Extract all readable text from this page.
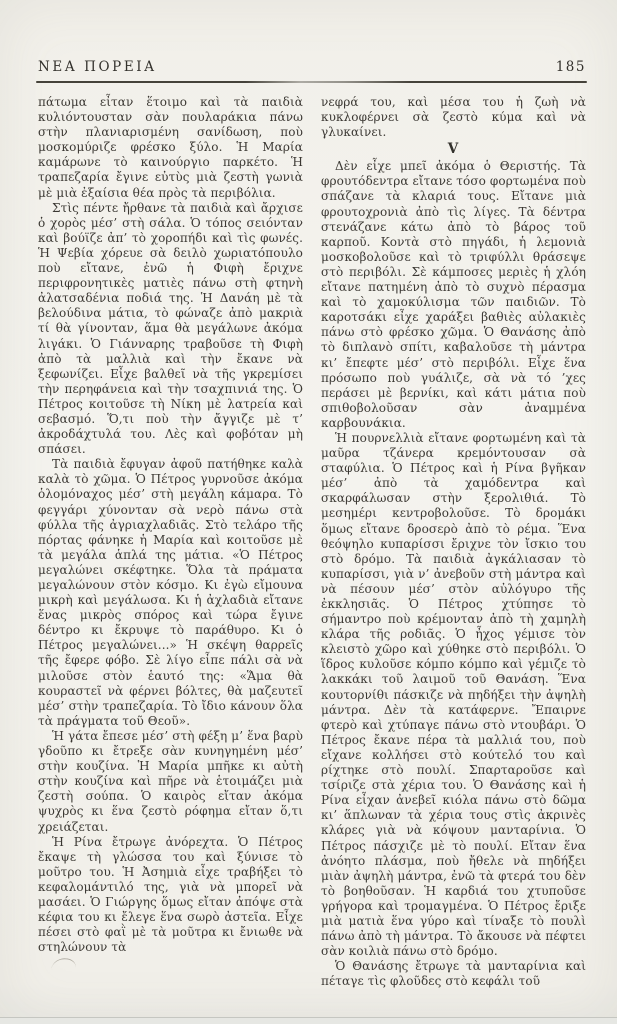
ΝΕΑ ΠΟΡΕΙΑ	185

πάτωμα εἶταν ἕτοιμο καὶ τὰ παιδιὰ κυλιόντουσταν σὰν πουλαράκια πάνω στὴν πλανιαρισμένη σανίδωση, ποὺ μοσκομύριζε φρέσκο ξύλο. Ἡ Μαρία καμάρωνε τὸ καινούργιο παρκέτο. Ἡ τραπεζαρία ἔγινε εὐτὺς μιὰ ζεστὴ γωνιὰ μὲ μιὰ ἐξαίσια θέα πρὸς τὰ περιβόλια.

Στὶς πέντε ἤρθανε τὰ παιδιὰ καὶ ἄρχισε ὁ χορὸς μέσ’ στὴ σάλα. Ὁ τόπος σειόνταν καὶ βούϊζε ἀπ’ τὸ χοροπήδι καὶ τὶς φωνές. Ἡ Ψεβία χόρευε σὰ δειλὸ χωριατόπουλο ποὺ εἴτανε, ἐνῶ ἡ Φιφὴ ἔριχνε περιφρονητικὲς ματιὲς πάνω στὴ φτηνὴ ἀλατσαδένια ποδιά της. Ἡ Δανάη μὲ τὰ βελούδινα μάτια, τὸ φώναζε ἀπὸ μακριὰ τί θὰ γίνονταν, ἅμα θὰ μεγάλωνε ἀκόμα λιγάκι. Ὁ Γιάνναρης τραβοῦσε τὴ Φιφὴ ἀπὸ τὰ μαλλιὰ καὶ τὴν ἔκανε νὰ ξεφωνίζει. Εἶχε βαλθεῖ νὰ τῆς γκρεμίσει τὴν περηφάνεια καὶ τὴν τσαχπινιά της. Ὁ Πέτρος κοιτοῦσε τὴ Νίκη μὲ λατρεία καὶ σεβασμό. Ὅ,τι ποὺ τὴν ἄγγιζε μὲ τ’ ἀκροδάχτυλά του. Λὲς καὶ φοβόταν μὴ σπάσει.

Τὰ παιδιὰ ἔφυγαν ἀφοῦ πατήθηκε καλὰ καλὰ τὸ χῶμα. Ὁ Πέτρος γυρνοῦσε ἀκόμα ὁλομόναχος μέσ’ στὴ μεγάλη κάμαρα. Τὸ φεγγάρι χύνονταν σὰ νερὸ πάνω στὰ φύλλα τῆς ἀγριαχλαδιᾶς. Στὸ τελάρο τῆς πόρτας φάνηκε ἡ Μαρία καὶ κοιτοῦσε μὲ τὰ μεγάλα ἁπλά της μάτια. «Ὁ Πέτρος μεγαλώνει σκέφτηκε. Ὅλα τὰ πράματα μεγαλώνουν στὸν κόσμο. Κι ἐγὼ εἴμουνα μικρὴ καὶ μεγάλωσα. Κι ἡ ἀχλαδιὰ εἴτανε ἕνας μικρὸς σπόρος καὶ τώρα ἔγινε δέντρο κι ἔκρυψε τὸ παράθυρο. Κι ὁ Πέτρος μεγαλώνει...» Ἡ σκέψη θαρρεῖς τῆς ἔφερε φόβο. Σὲ λίγο εἶπε πάλι σὰ νὰ μιλοῦσε στὸν ἑαυτό της: «Ἅμα θὰ κουραστεῖ νὰ φέρνει βόλτες, θὰ μαζευτεῖ μέσ’ στὴν τραπεζαρία. Τὸ ἴδιο κάνουν ὅλα τὰ πράγματα τοῦ Θεοῦ».

Ἡ γάτα ἔπεσε μέσ’ στὴ φέξη μ’ ἕνα βαρὺ γδοῦπο κι ἔτρεξε σὰν κυνηγημένη μέσ’ στὴν κουζίνα. Ἡ Μαρία μπῆκε κι αὐτὴ στὴν κουζίνα καὶ πῆρε νὰ ἑτοιμάζει μιὰ ζεστὴ σούπα. Ὁ καιρὸς εἴταν ἀκόμα ψυχρὸς κι ἕνα ζεστὸ ρόφημα εἴταν ὅ,τι χρειάζεται.

Ἡ Ρίνα ἔτρωγε ἀνόρεχτα. Ὁ Πέτρος ἔκαψε τὴ γλώσσα του καὶ ξύνισε τὸ μοῦτρο του. Ἡ Ἀσημιὰ εἶχε τραβήξει τὸ κεφαλομάντιλό της, γιὰ νὰ μπορεῖ νὰ μασάει. Ὁ Γιώργης ὅμως εἴταν ἀπόψε στὰ κέφια του κι ἔλεγε ἕνα σωρὸ ἀστεῖα. Εἶχε πέσει στὸ φαῒ μὲ τὰ μοῦτρα κι ἔνιωθε νὰ στηλώνουν τὰ

νεφρά του, καὶ μέσα του ἡ ζωὴ νὰ κυκλοφέρνει σὰ ζεστὸ κύμα καὶ νὰ γλυκαίνει.

V

Δὲν εἶχε μπεῖ ἀκόμα ὁ Θεριστής. Τὰ φρουτόδεντρα εἴτανε τόσο φορτωμένα ποὺ σπάζανε τὰ κλαριά τους. Εἴτανε μιὰ φρουτοχρονιὰ ἀπὸ τὶς λίγες. Τὰ δέντρα στενάζανε κάτω ἀπὸ τὸ βάρος τοῦ καρποῦ. Κοντὰ στὸ πηγάδι, ἡ λεμονιὰ μοσκοβολοῦσε καὶ τὸ τριφύλλι θράσεψε στὸ περιβόλι. Σὲ κάμποσες μεριὲς ἡ χλόη εἴτανε πατημένη ἀπὸ τὸ συχνὸ πέρασμα καὶ τὸ χαμοκύλισμα τῶν παιδιῶν. Τὸ καροτσάκι εἶχε χαράξει βαθιὲς αὐλακιὲς πάνω στὸ φρέσκο χῶμα. Ὁ Θανάσης ἀπὸ τὸ διπλανὸ σπίτι, καβαλοῦσε τὴ μάντρα κι’ ἔπεφτε μέσ’ στὸ περιβόλι. Εἶχε ἕνα πρόσωπο ποὺ γυάλιζε, σὰ νὰ τό ’χες περάσει μὲ βερνίκι, καὶ κάτι μάτια ποὺ σπιθοβολοῦσαν σὰν ἀναμμένα καρβουνάκια.

Ἡ πουρνελλιὰ εἴτανε φορτωμένη καὶ τὰ μαῦρα τζάνερα κρεμόντουσαν σὰ σταφύλια. Ὁ Πέτρος καὶ ἡ Ρίνα βγῆκαν μέσ’ ἀπὸ τὰ χαμόδεντρα καὶ σκαρφάλωσαν στὴν ξερολιθιά. Τὸ μεσημέρι κεντροβολοῦσε. Τὸ δρομάκι ὅμως εἴτανε δροσερὸ ἀπὸ τὸ ρέμα. Ἕνα θεόψηλο κυπαρίσσι ἔριχνε τὸν ἴσκιο του στὸ δρόμο. Τὰ παιδιὰ ἀγκάλιασαν τὸ κυπαρίσσι, γιὰ ν’ ἀνεβοῦν στὴ μάντρα καὶ νὰ πέσουν μέσ’ στὸν αὐλόγυρο τῆς ἐκκλησιᾶς. Ὁ Πέτρος χτύπησε τὸ σήμαντρο ποὺ κρέμονταν ἀπὸ τὴ χαμηλὴ κλάρα τῆς ροδιᾶς. Ὁ ἦχος γέμισε τὸν κλειστὸ χῶρο καὶ χύθηκε στὸ περιβόλι. Ὁ ἵδρος κυλοῦσε κόμπο κόμπο καὶ γέμιζε τὸ λακκάκι τοῦ λαιμοῦ τοῦ Θανάση. Ἕνα κουτορνίθι πάσκιζε νὰ πηδήξει τὴν ἀψηλὴ μάντρα. Δὲν τὰ κατάφερνε. Ἔπαιρνε φτερὸ καὶ χτύπαγε πάνω στὸ ντουβάρι. Ὁ Πέτρος ἔκανε πέρα τὰ μαλλιά του, ποὺ εἴχανε κολλήσει στὸ κούτελό του καὶ ρίχτηκε στὸ πουλί. Σπαρταροῦσε καὶ τσίριζε στὰ χέρια του. Ὁ Θανάσης καὶ ἡ Ρίνα εἶχαν ἀνεβεῖ κιόλα πάνω στὸ δῶμα κι’ ἅπλωναν τὰ χέρια τους στὶς ἀκρινὲς κλάρες γιὰ νὰ κόψουν μανταρίνια. Ὁ Πέτρος πάσχιζε μὲ τὸ πουλί. Εἴταν ἕνα ἀνόητο πλάσμα, ποὺ ἤθελε νὰ πηδήξει μιὰν ἀψηλὴ μάντρα, ἐνῶ τὰ φτερά του δὲν τὸ βοηθοῦσαν. Ἡ καρδιά του χτυποῦσε γρήγορα καὶ τρομαγμένα. Ὁ Πέτρος ἔριξε μιὰ ματιὰ ἕνα γύρο καὶ τίναξε τὸ πουλὶ πάνω ἀπὸ τὴ μάντρα. Τὸ ἄκουσε νὰ πέφτει σὰν κοιλιὰ πάνω στὸ δρόμο.

Ὁ Θανάσης ἔτρωγε τὰ μανταρίνια καὶ πέταγε τὶς φλοῦδες στὸ κεφάλι τοῦ
